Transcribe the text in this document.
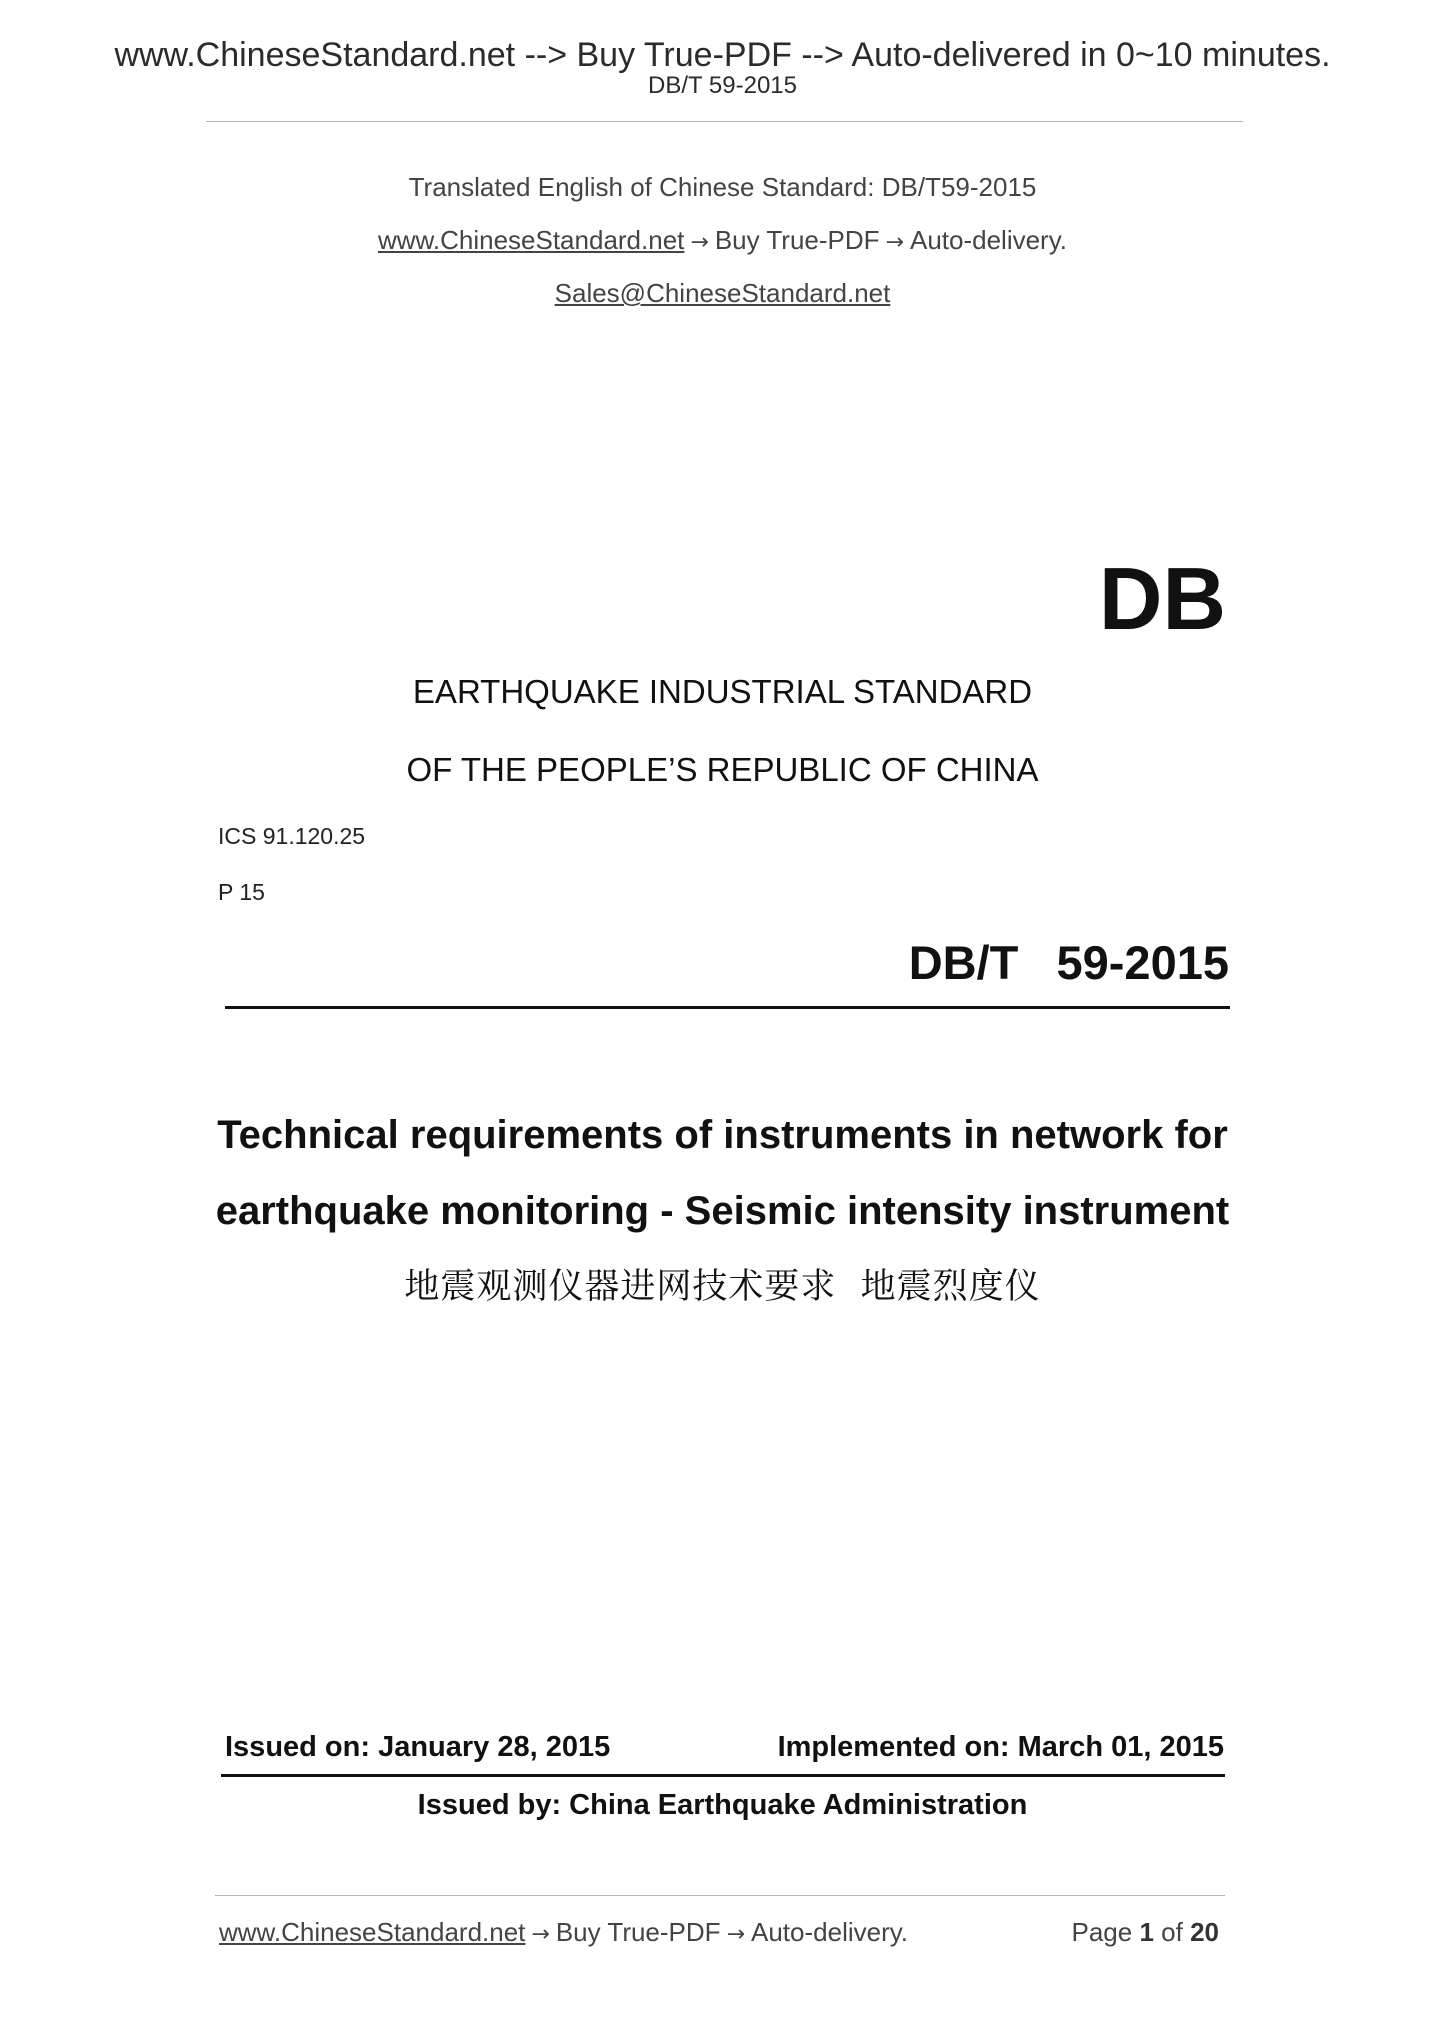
www.ChineseStandard.net --> Buy True-PDF --> Auto-delivered in 0~10 minutes.
DB/T 59-2015
Translated English of Chinese Standard: DB/T59-2015
www.ChineseStandard.net → Buy True-PDF → Auto-delivery.
Sales@ChineseStandard.net
DB
EARTHQUAKE INDUSTRIAL STANDARD
OF THE PEOPLE’S REPUBLIC OF CHINA
ICS 91.120.25
P 15
DB/T  59-2015
Technical requirements of instruments in network for
earthquake monitoring - Seismic intensity instrument
地震观测仪器进网技术要求  地震烈度仪
Issued on: January 28, 2015	Implemented on: March 01, 2015
Issued by: China Earthquake Administration
www.ChineseStandard.net → Buy True-PDF → Auto-delivery.	Page 1 of 20
